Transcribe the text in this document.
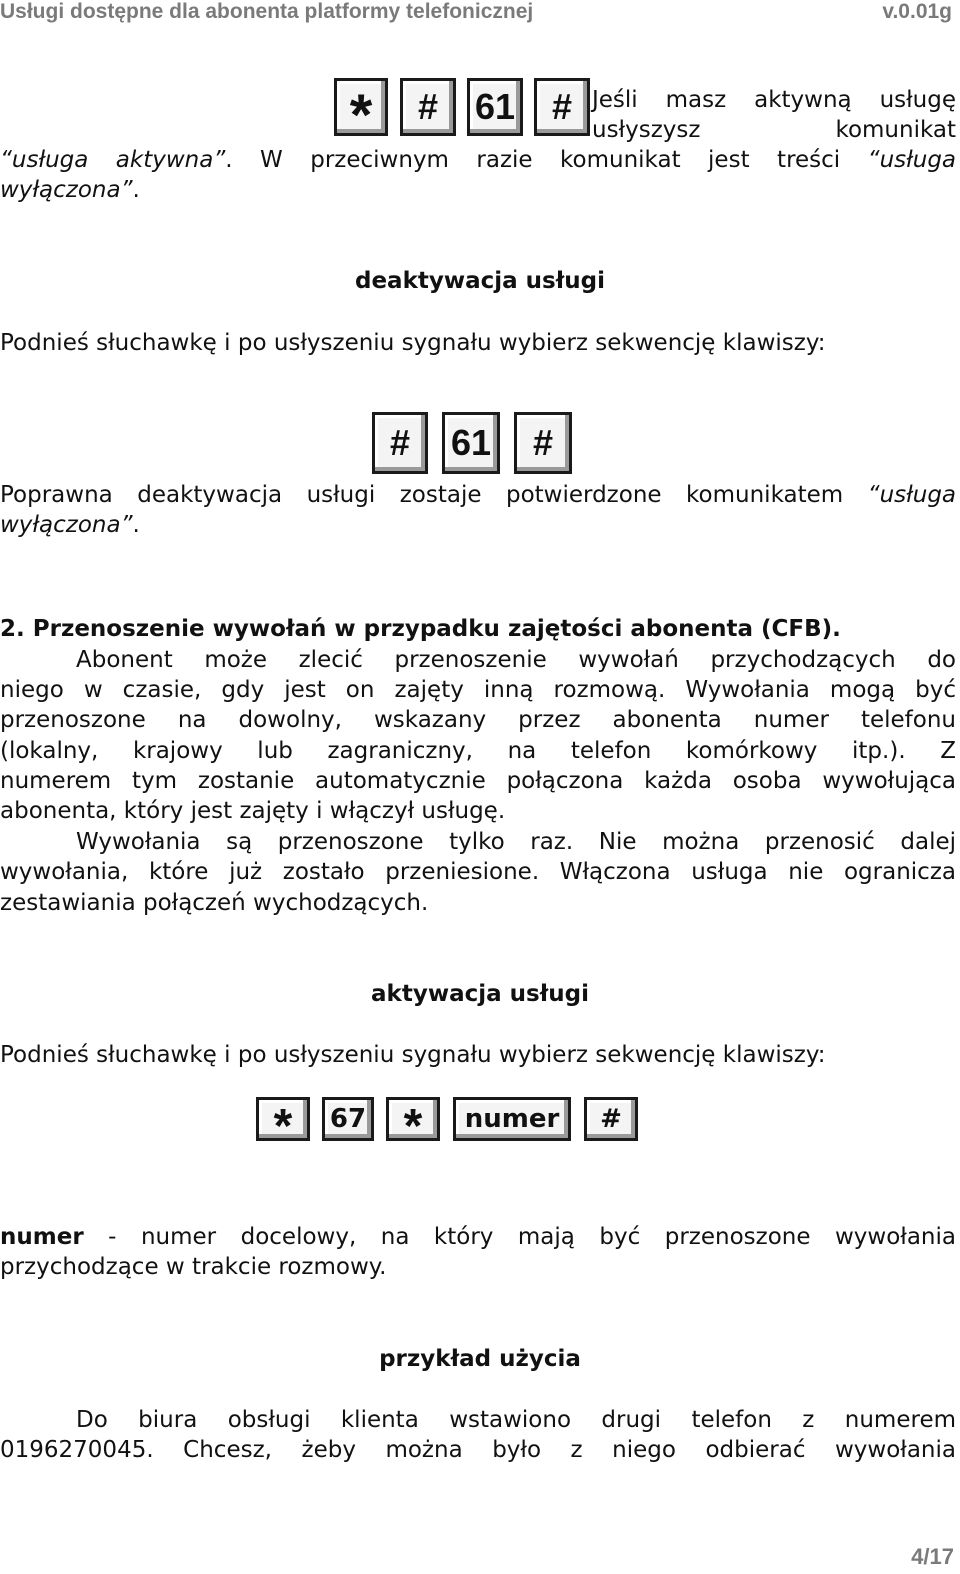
Usługi dostępne dla abonenta platformy telefonicznej	v.0.01g
* # 61 # Jeśli masz aktywną usługę
usłyszysz komunikat
“usługa aktywna”. W przeciwnym razie komunikat jest treści “usługa
wyłączona”.
deaktywacja usługi
Podnieś słuchawkę i po usłyszeniu sygnału wybierz sekwencję klawiszy:
# 61 #
Poprawna deaktywacja usługi zostaje potwierdzone komunikatem “usługa
wyłączona”.
2. Przenoszenie wywołań w przypadku zajętości abonenta (CFB).
Abonent może zlecić przenoszenie wywołań przychodzących do
niego w czasie, gdy jest on zajęty inną rozmową. Wywołania mogą być
przenoszone na dowolny, wskazany przez abonenta numer telefonu
(lokalny, krajowy lub zagraniczny, na telefon komórkowy itp.). Z
numerem tym zostanie automatycznie połączona każda osoba wywołująca
abonenta, który jest zajęty i włączył usługę.
Wywołania są przenoszone tylko raz. Nie można przenosić dalej
wywołania, które już zostało przeniesione. Włączona usługa nie ogranicza
zestawiania połączeń wychodzących.
aktywacja usługi
Podnieś słuchawkę i po usłyszeniu sygnału wybierz sekwencję klawiszy:
* 67 * numer #
numer - numer docelowy, na który mają być przenoszone wywołania
przychodzące w trakcie rozmowy.
przykład użycia
Do biura obsługi klienta wstawiono drugi telefon z numerem
0196270045. Chcesz, żeby można było z niego odbierać wywołania
4/17
